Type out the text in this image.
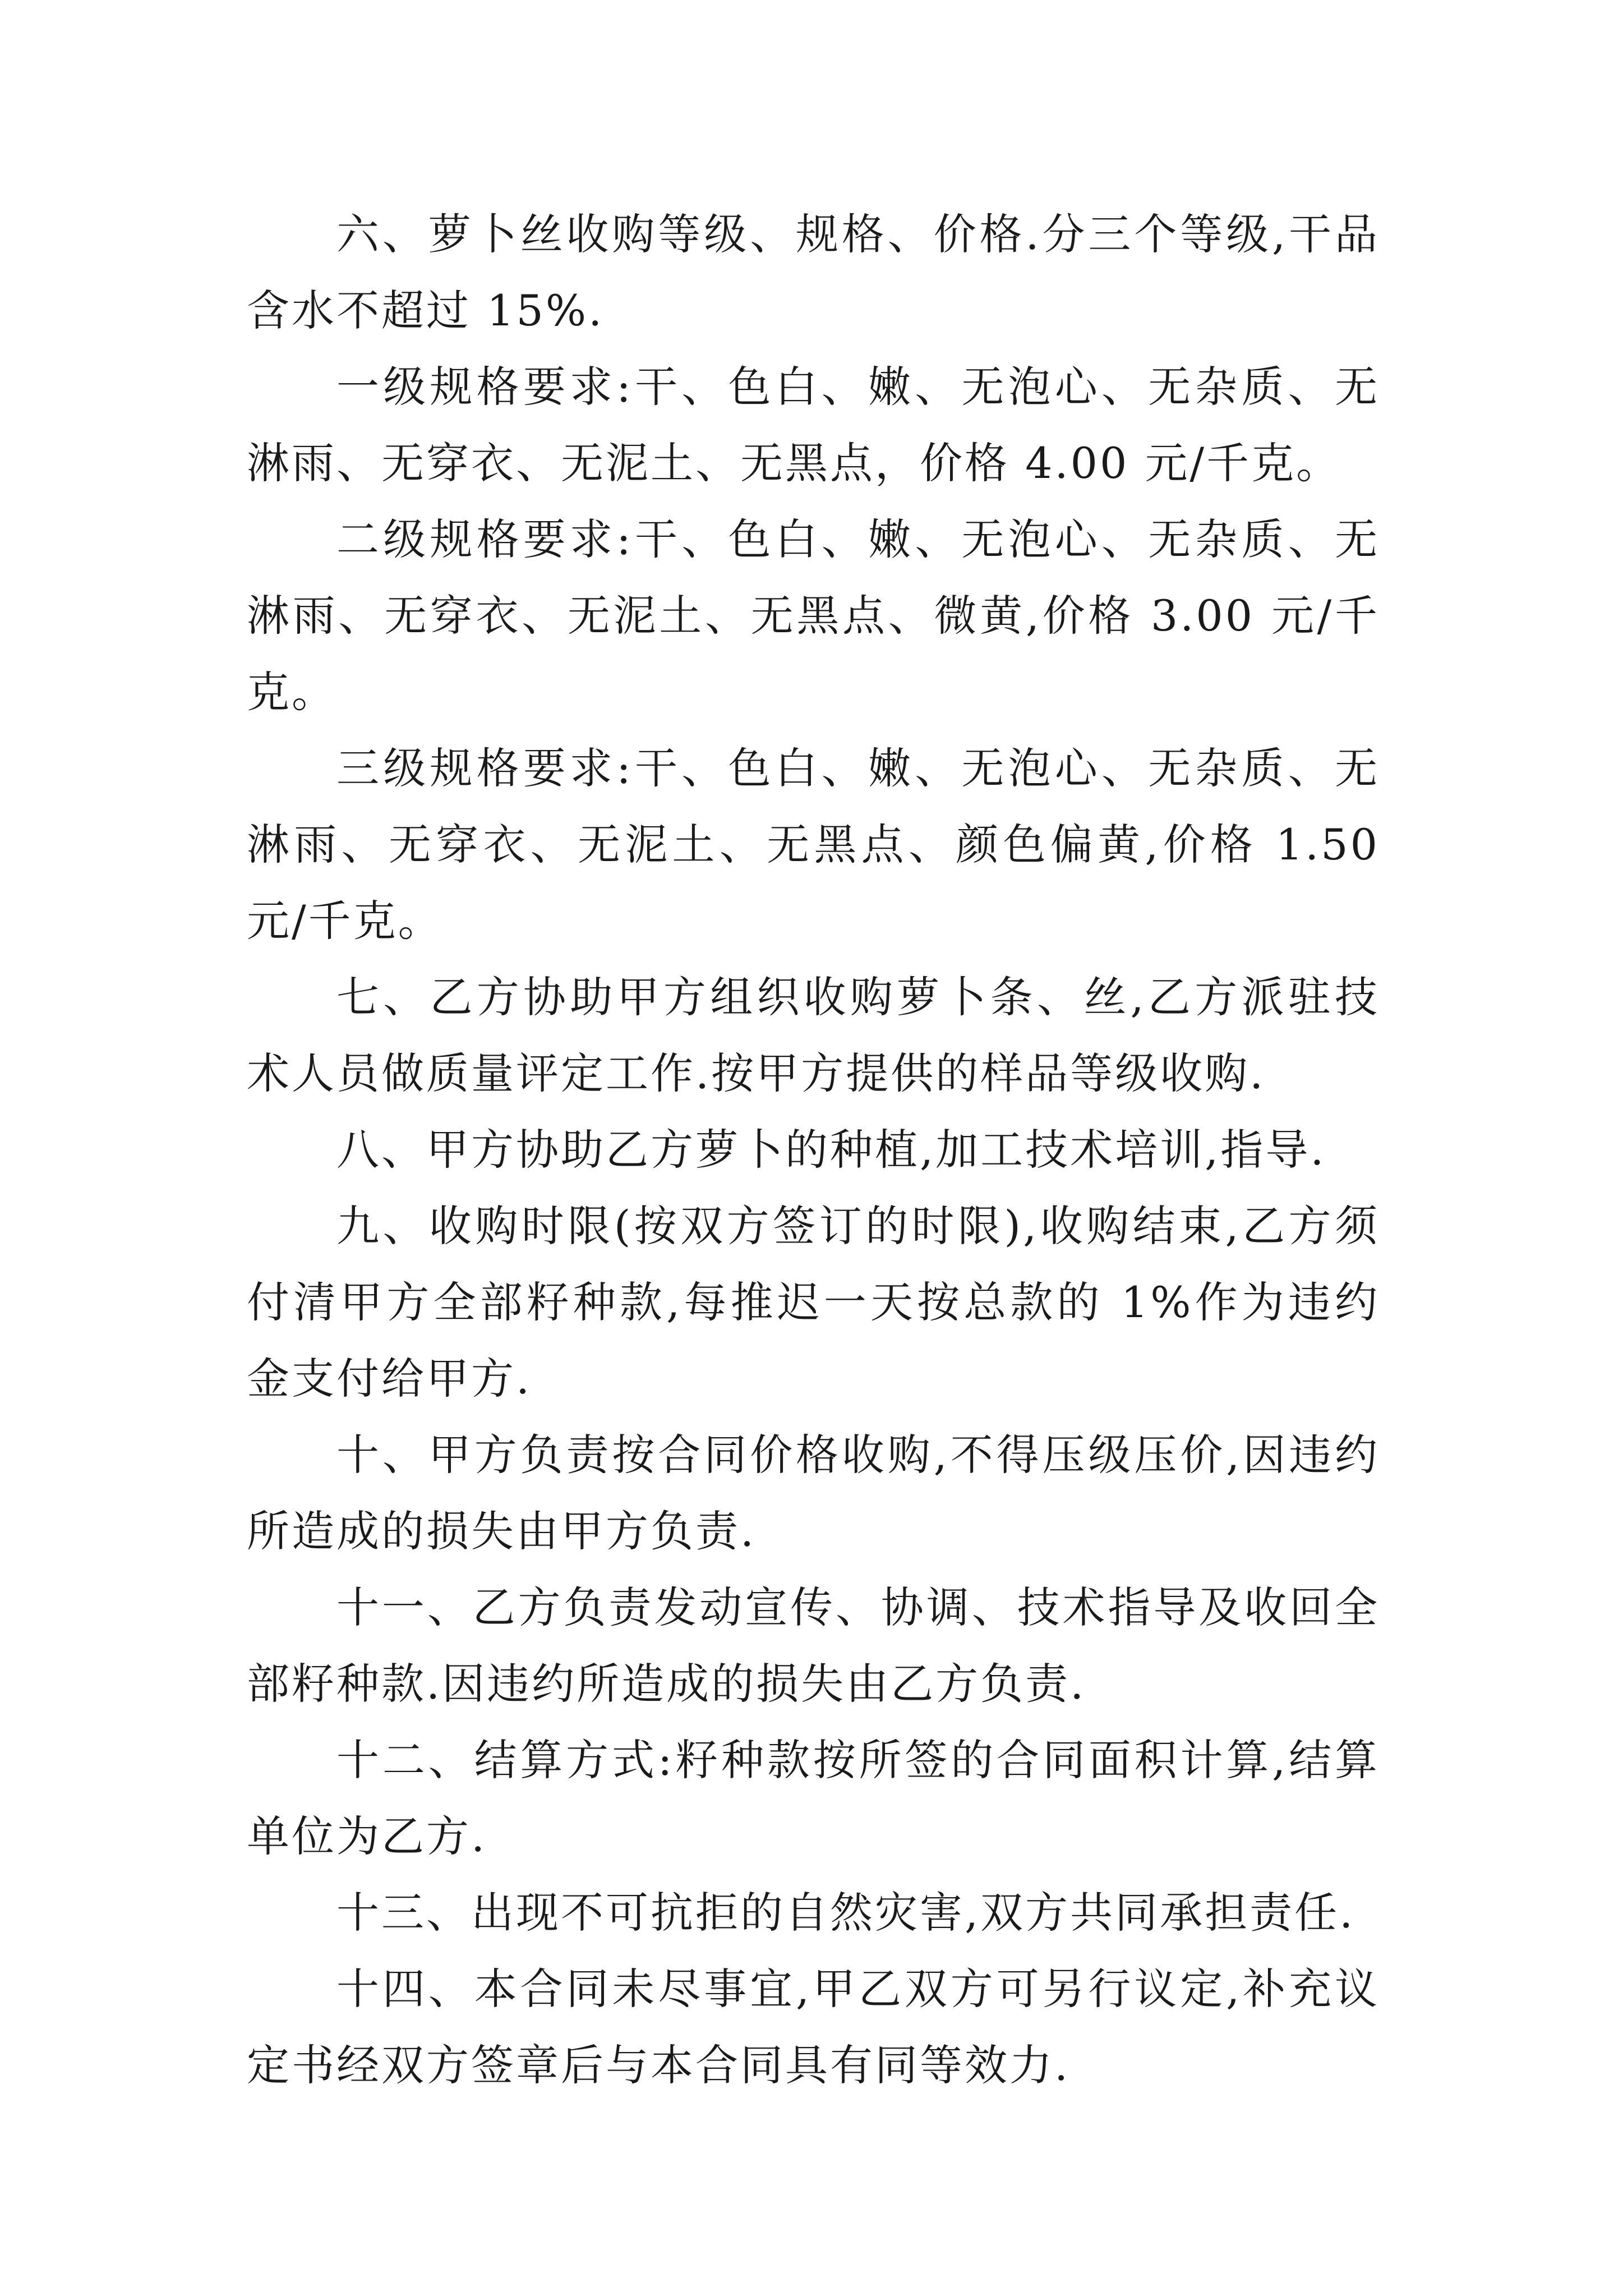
六、萝卜丝收购等级、规格、价格.分三个等级,干品含水不超过 15%.

一级规格要求:干、色白、嫩、无泡心、无杂质、无淋雨、无穿衣、无泥土、无黑点，价格 4.00 元/千克。

二级规格要求:干、色白、嫩、无泡心、无杂质、无淋雨、无穿衣、无泥土、无黑点、微黄,价格 3.00 元/千克。

三级规格要求:干、色白、嫩、无泡心、无杂质、无淋雨、无穿衣、无泥土、无黑点、颜色偏黄,价格 1.50 元/千克。

七、乙方协助甲方组织收购萝卜条、丝,乙方派驻技术人员做质量评定工作.按甲方提供的样品等级收购.

八、甲方协助乙方萝卜的种植,加工技术培训,指导.

九、收购时限(按双方签订的时限),收购结束,乙方须付清甲方全部籽种款,每推迟一天按总款的 1%作为违约金支付给甲方.

十、甲方负责按合同价格收购,不得压级压价,因违约所造成的损失由甲方负责.

十一、乙方负责发动宣传、协调、技术指导及收回全部籽种款.因违约所造成的损失由乙方负责.

十二、结算方式:籽种款按所签的合同面积计算,结算单位为乙方.

十三、出现不可抗拒的自然灾害,双方共同承担责任.

十四、本合同未尽事宜,甲乙双方可另行议定,补充议定书经双方签章后与本合同具有同等效力.
